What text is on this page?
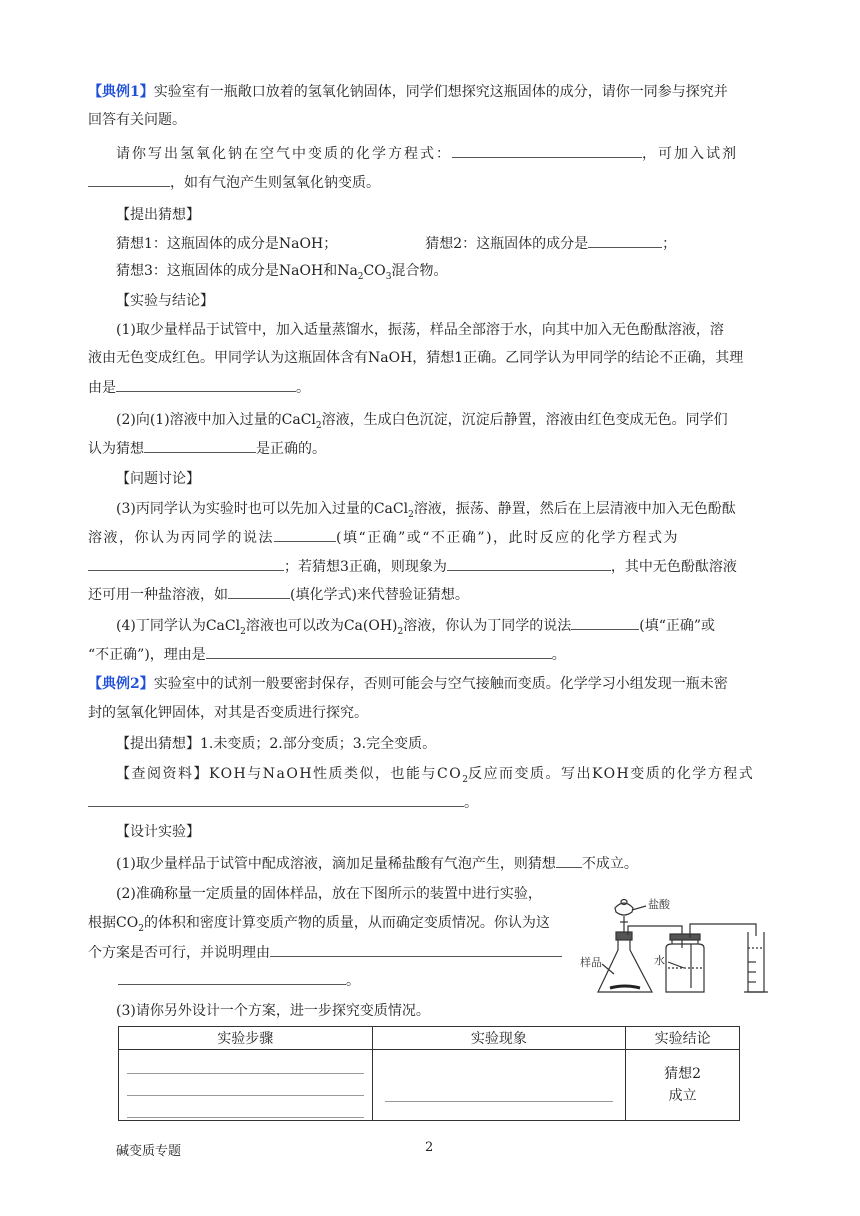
【典例1】实验室有一瓶敞口放着的氢氧化钠固体，同学们想探究这瓶固体的成分，请你一同参与探究并
回答有关问题。
请你写出氢氧化钠在空气中变质的化学方程式：	，可加入试剂
，如有气泡产生则氢氧化钠变质。
【提出猜想】
猜想1：这瓶固体的成分是NaOH；	猜想2：这瓶固体的成分是	；
猜想3：这瓶固体的成分是NaOH和$Na_2CO_3$混合物。
【实验与结论】
(1)取少量样品于试管中，加入适量蒸馏水，振荡，样品全部溶于水，向其中加入无色酚酞溶液，溶
液由无色变成红色。甲同学认为这瓶固体含有NaOH，猜想1正确。乙同学认为甲同学的结论不正确，其理
由是	。
(2)向(1)溶液中加入过量的CaCl$_2$溶液，生成白色沉淀，沉淀后静置，溶液由红色变成无色。同学们
认为猜想	是正确的。
【问题讨论】
(3)丙同学认为实验时也可以先加入过量的CaCl$_2$溶液，振荡、静置，然后在上层清液中加入无色酚酞
溶液，你认为丙同学的说法	(填“正确”或“不正确”)，此时反应的化学方程式为
；若猜想3正确，则现象为	，其中无色酚酞溶液
还可用一种盐溶液，如	(填化学式)来代替验证猜想。
(4)丁同学认为CaCl$_2$溶液也可以改为$Ca(OH)_2$溶液，你认为丁同学的说法	(填“正确”或
“不正确”)，理由是	。
【典例2】实验室中的试剂一般要密封保存，否则可能会与空气接触而变质。化学学习小组发现一瓶未密
封的氢氧化钾固体，对其是否变质进行探究。
【提出猜想】1.未变质；2.部分变质；3.完全变质。
【查阅资料】KOH与NaOH性质类似，也能与$CO_2$反应而变质。写出KOH变质的化学方程式
。
【设计实验】
(1)取少量样品于试管中配成溶液，滴加足量稀盐酸有气泡产生，则猜想 不成立。
(2)准确称量一定质量的固体样品，放在下图所示的装置中进行实验，
根据$CO_2$的体积和密度计算变质产物的质量，从而确定变质情况。你认为这
个方案是否可行，并说明理由
。
(3)请你另外设计一个方案，进一步探究变质情况。
盐酸
样品	水
实验步骤	实验现象	实验结论

		猜想2
成立
碱变质专题	2
